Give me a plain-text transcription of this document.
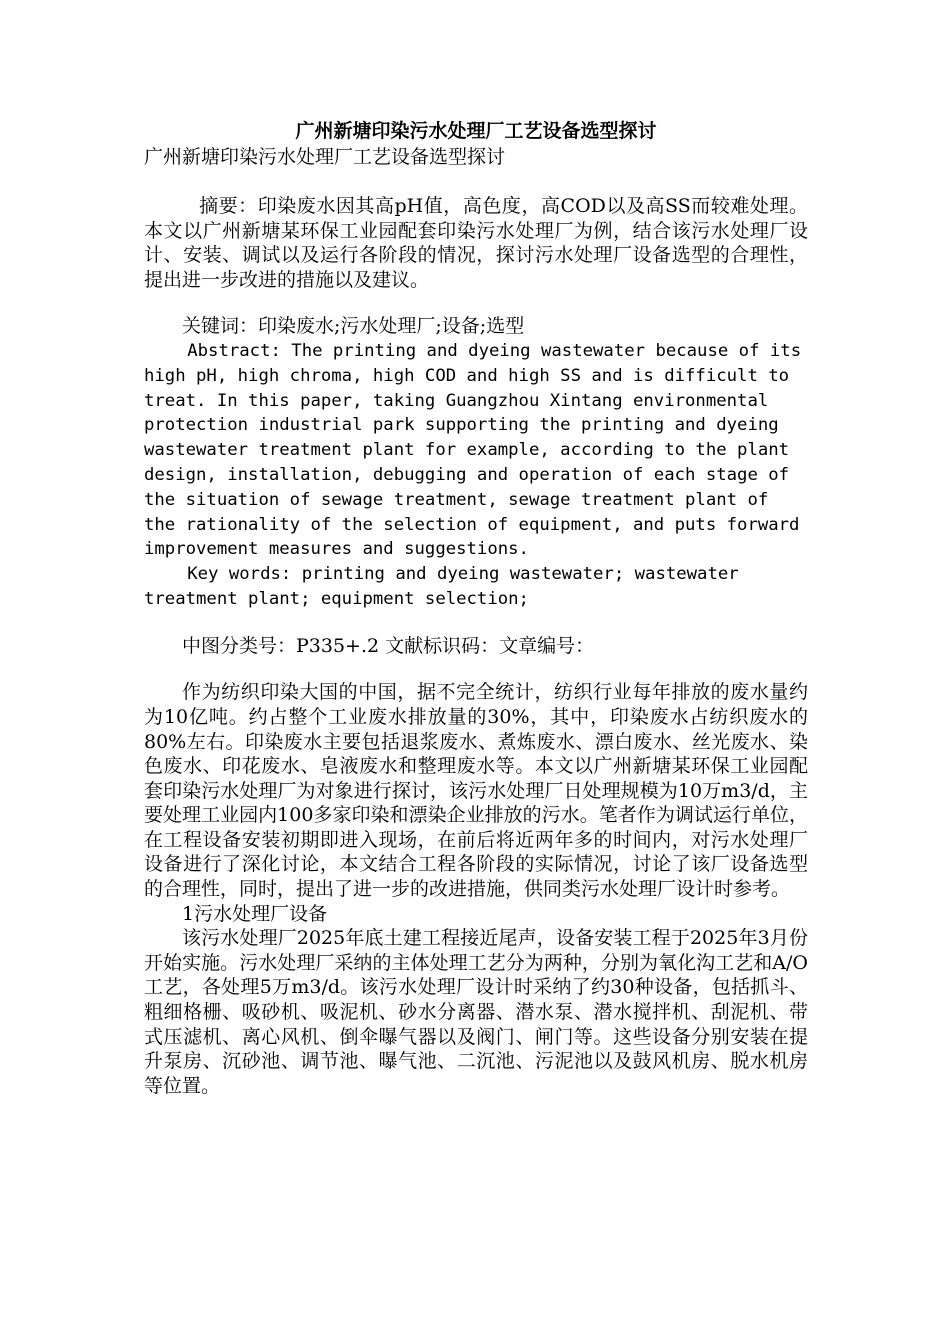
广州新塘印染污水处理厂工艺设备选型探讨
广州新塘印染污水处理厂工艺设备选型探讨

摘要：印染废水因其高pH值，高色度，高COD以及高SS而较难处理。本文以广州新塘某环保工业园配套印染污水处理厂为例，结合该污水处理厂设计、安装、调试以及运行各阶段的情况，探讨污水处理厂设备选型的合理性，提出进一步改进的措施以及建议。

关键词：印染废水;污水处理厂;设备;选型

Abstract: The printing and dyeing wastewater because of its high pH, high chroma, high COD and high SS and is difficult to treat. In this paper, taking Guangzhou Xintang environmental protection industrial park supporting the printing and dyeing wastewater treatment plant for example, according to the plant design, installation, debugging and operation of each stage of the situation of sewage treatment, sewage treatment plant of the rationality of the selection of equipment, and puts forward improvement measures and suggestions.

Key words: printing and dyeing wastewater; wastewater treatment plant; equipment selection;

中图分类号：P335+.2 文献标识码：文章编号：

作为纺织印染大国的中国，据不完全统计，纺织行业每年排放的废水量约为10亿吨。约占整个工业废水排放量的30%，其中，印染废水占纺织废水的80%左右。印染废水主要包括退浆废水、煮炼废水、漂白废水、丝光废水、染色废水、印花废水、皂液废水和整理废水等。本文以广州新塘某环保工业园配套印染污水处理厂为对象进行探讨，该污水处理厂日处理规模为10万m3/d，主要处理工业园内100多家印染和漂染企业排放的污水。笔者作为调试运行单位，在工程设备安装初期即进入现场，在前后将近两年多的时间内，对污水处理厂设备进行了深化讨论，本文结合工程各阶段的实际情况，讨论了该厂设备选型的合理性，同时，提出了进一步的改进措施，供同类污水处理厂设计时参考。

1污水处理厂设备

该污水处理厂2025年底土建工程接近尾声，设备安装工程于2025年3月份开始实施。污水处理厂采纳的主体处理工艺分为两种，分别为氧化沟工艺和A/O工艺，各处理5万m3/d。该污水处理厂设计时采纳了约30种设备，包括抓斗、粗细格栅、吸砂机、吸泥机、砂水分离器、潜水泵、潜水搅拌机、刮泥机、带式压滤机、离心风机、倒伞曝气器以及阀门、闸门等。这些设备分别安装在提升泵房、沉砂池、调节池、曝气池、二沉池、污泥池以及鼓风机房、脱水机房等位置。
